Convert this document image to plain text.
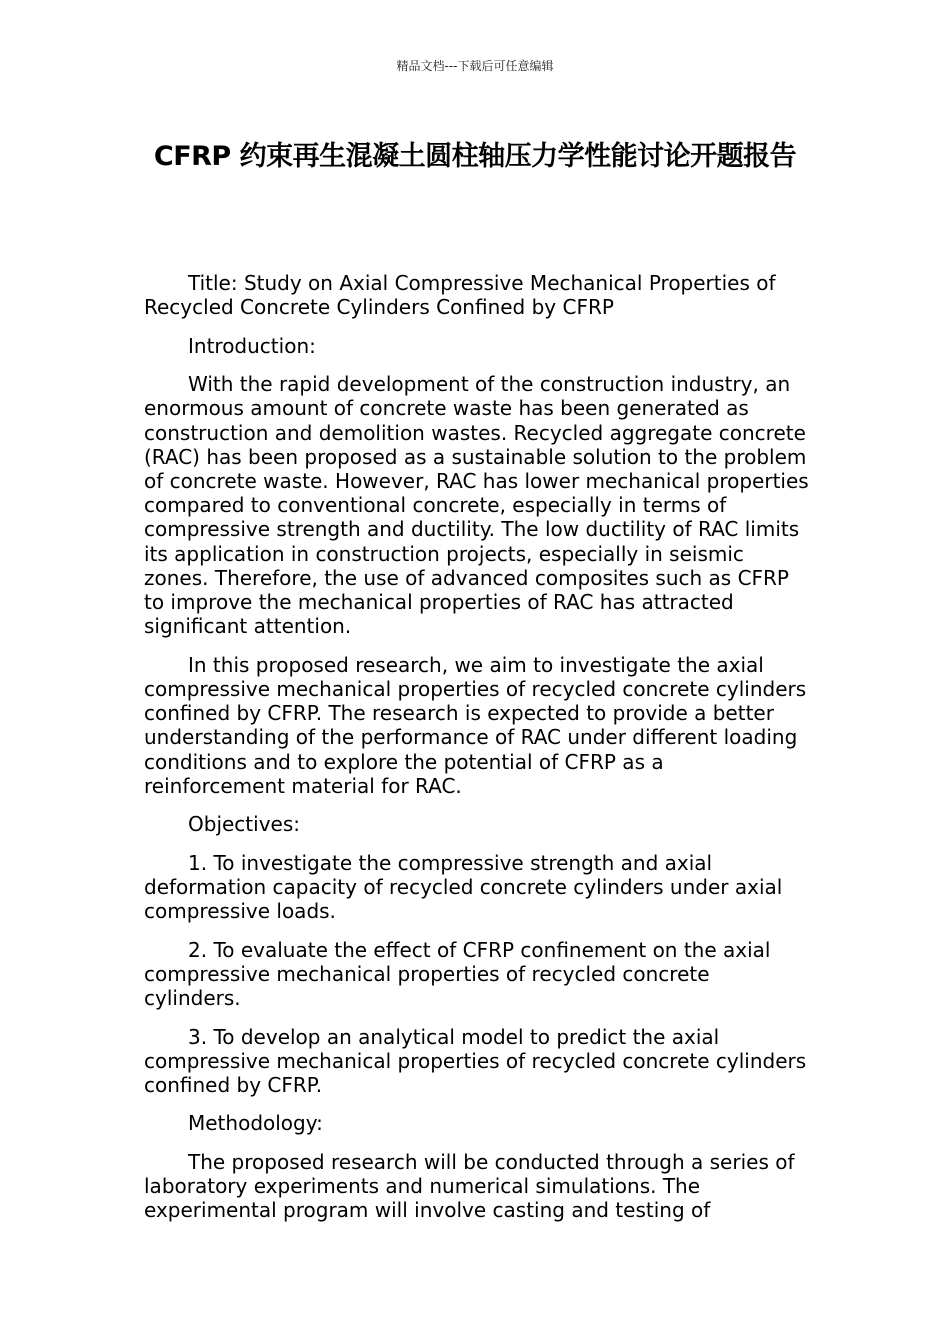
精品文档---下载后可任意编辑
CFRP 约束再生混凝土圆柱轴压力学性能讨论开题报告

Title: Study on Axial Compressive Mechanical Properties of Recycled Concrete Cylinders Confined by CFRP

Introduction:

With the rapid development of the construction industry, an enormous amount of concrete waste has been generated as construction and demolition wastes. Recycled aggregate concrete (RAC) has been proposed as a sustainable solution to the problem of concrete waste. However, RAC has lower mechanical properties compared to conventional concrete, especially in terms of compressive strength and ductility. The low ductility of RAC limits its application in construction projects, especially in seismic zones. Therefore, the use of advanced composites such as CFRP to improve the mechanical properties of RAC has attracted significant attention.

In this proposed research, we aim to investigate the axial compressive mechanical properties of recycled concrete cylinders confined by CFRP. The research is expected to provide a better understanding of the performance of RAC under different loading conditions and to explore the potential of CFRP as a reinforcement material for RAC.

Objectives:

1. To investigate the compressive strength and axial deformation capacity of recycled concrete cylinders under axial compressive loads.

2. To evaluate the effect of CFRP confinement on the axial compressive mechanical properties of recycled concrete cylinders.

3. To develop an analytical model to predict the axial compressive mechanical properties of recycled concrete cylinders confined by CFRP.

Methodology:

The proposed research will be conducted through a series of laboratory experiments and numerical simulations. The experimental program will involve casting and testing of
